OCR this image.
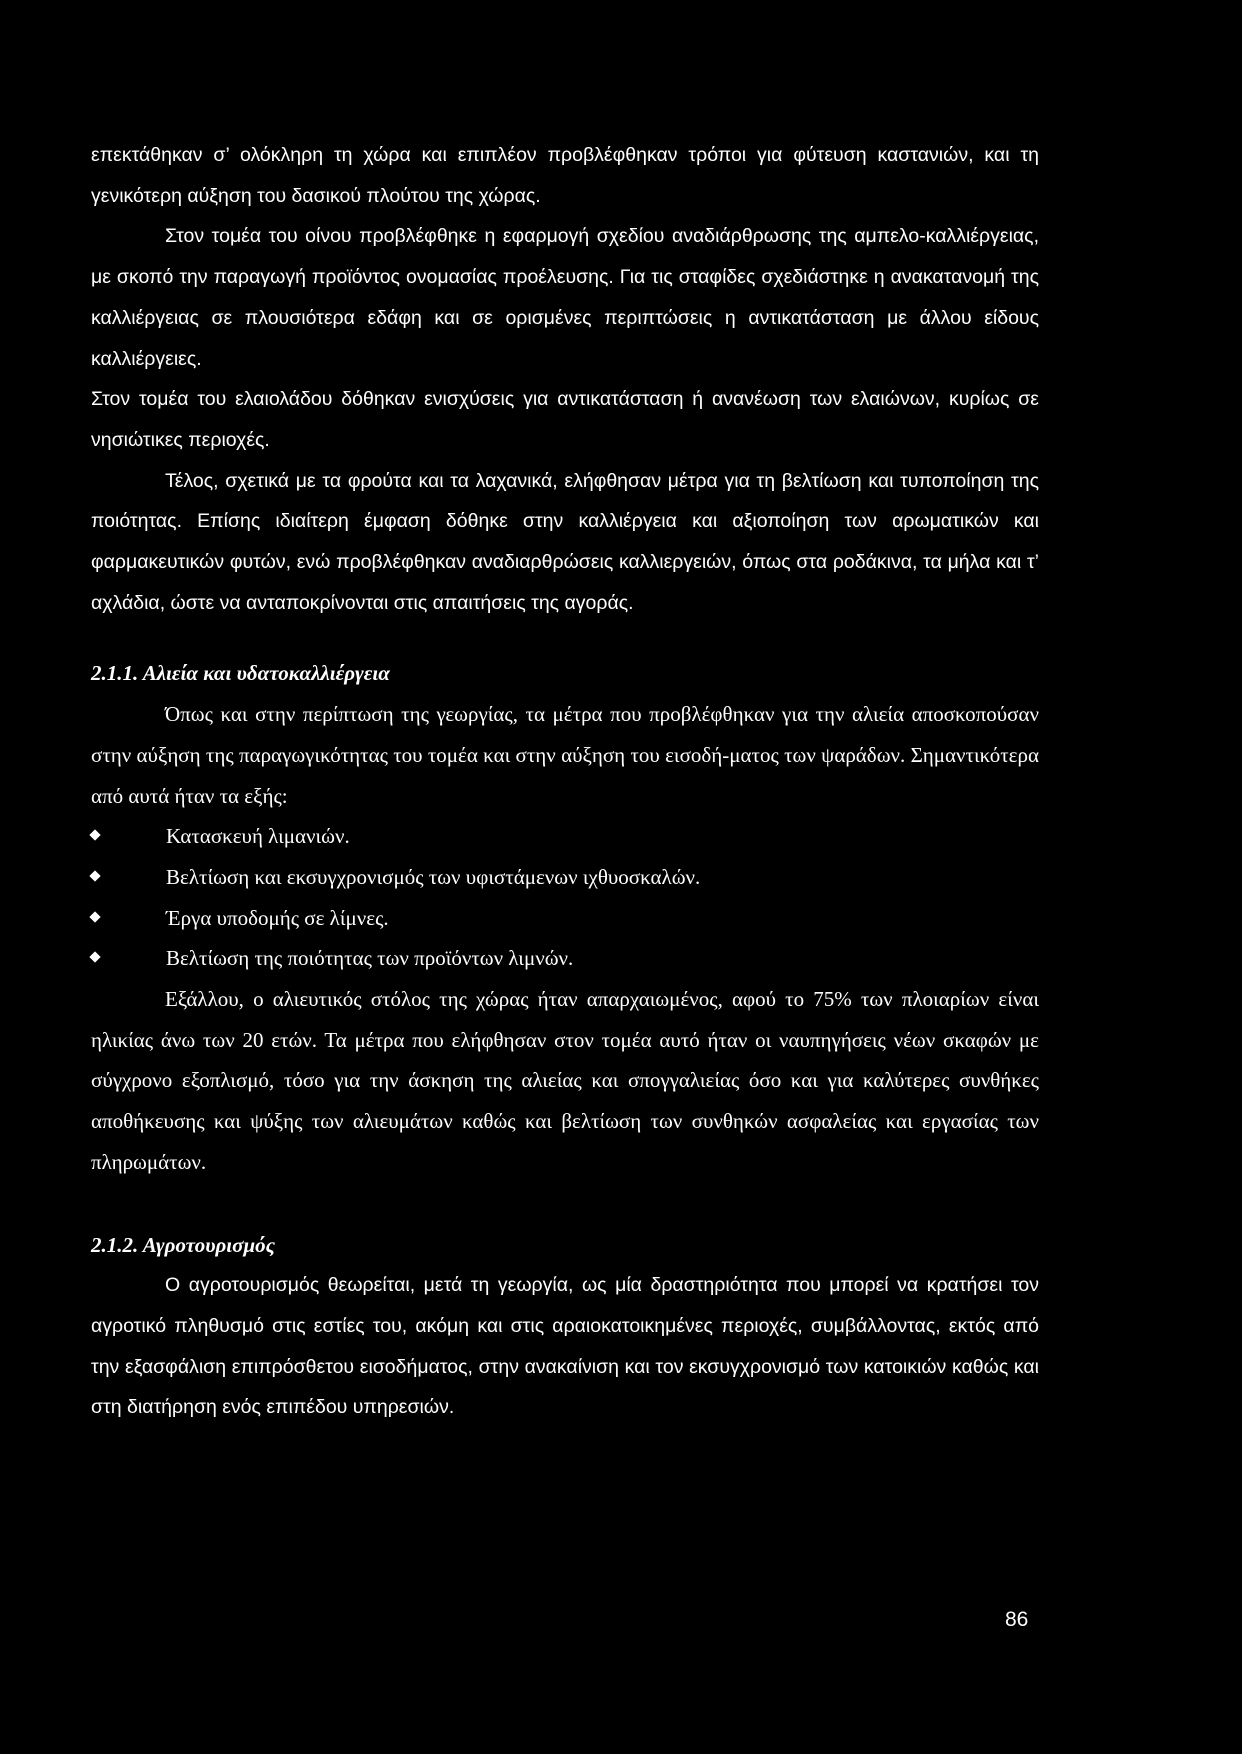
επεκτάθηκαν σ’ ολόκληρη τη χώρα και επιπλέον προβλέφθηκαν τρόποι για φύτευση καστανιών, και τη γενικότερη αύξηση του δασικού πλούτου της χώρας.

Στον τομέα του οίνου προβλέφθηκε η εφαρμογή σχεδίου αναδιάρθρωσης της αμπελο-καλλιέργειας, με σκοπό την παραγωγή προϊόντος ονομασίας προέλευσης. Για τις σταφίδες σχεδιάστηκε η ανακατανομή της καλλιέργειας σε πλουσιότερα εδάφη και σε ορισμένες περιπτώσεις η αντικατάσταση με άλλου είδους καλλιέργειες.

Στον τομέα του ελαιολάδου δόθηκαν ενισχύσεις για αντικατάσταση ή ανανέωση των ελαιώνων, κυρίως σε νησιώτικες περιοχές.

Τέλος, σχετικά με τα φρούτα και τα λαχανικά, ελήφθησαν μέτρα για τη βελτίωση και τυποποίηση της ποιότητας. Επίσης ιδιαίτερη έμφαση δόθηκε στην καλλιέργεια και αξιοποίηση των αρωματικών και φαρμακευτικών φυτών, ενώ προβλέφθηκαν αναδιαρθρώσεις καλλιεργειών, όπως στα ροδάκινα, τα μήλα και τ’ αχλάδια, ώστε να ανταποκρίνονται στις απαιτήσεις της αγοράς.

2.1.1. Αλιεία και υδατοκαλλιέργεια

Όπως και στην περίπτωση της γεωργίας, τα μέτρα που προβλέφθηκαν για την αλιεία αποσκοπούσαν στην αύξηση της παραγωγικότητας του τομέα και στην αύξηση του εισοδή-ματος των ψαράδων. Σημαντικότερα από αυτά ήταν τα εξής:

Κατασκευή λιμανιών.
Βελτίωση και εκσυγχρονισμός των υφιστάμενων ιχθυοσκαλών.
Έργα υποδομής σε λίμνες.
Βελτίωση της ποιότητας των προϊόντων λιμνών.

Εξάλλου, ο αλιευτικός στόλος της χώρας ήταν απαρχαιωμένος, αφού το 75% των πλοιαρίων είναι ηλικίας άνω των 20 ετών. Τα μέτρα που ελήφθησαν στον τομέα αυτό ήταν οι ναυπηγήσεις νέων σκαφών με σύγχρονο εξοπλισμό, τόσο για την άσκηση της αλιείας και σπογγαλιείας όσο και για καλύτερες συνθήκες αποθήκευσης και ψύξης των αλιευμάτων καθώς και βελτίωση των συνθηκών ασφαλείας και εργασίας των πληρωμάτων.

2.1.2. Αγροτουρισμός

Ο αγροτουρισμός θεωρείται, μετά τη γεωργία, ως μία δραστηριότητα που μπορεί να κρατήσει τον αγροτικό πληθυσμό στις εστίες του, ακόμη και στις αραιοκατοικημένες περιοχές, συμβάλλοντας, εκτός από την εξασφάλιση επιπρόσθετου εισοδήματος, στην ανακαίνιση και τον εκσυγχρονισμό των κατοικιών καθώς και στη διατήρηση ενός επιπέδου υπηρεσιών.

86
